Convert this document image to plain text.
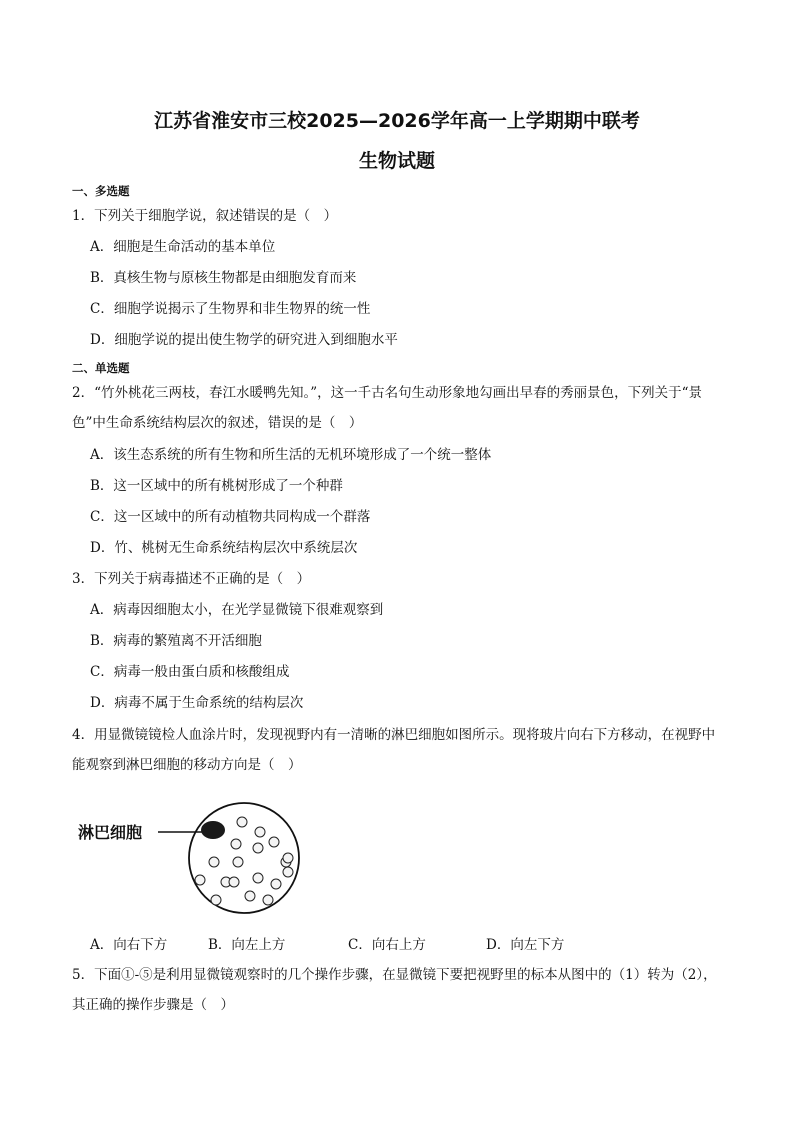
江苏省淮安市三校2025—2026学年高一上学期期中联考
生物试题
一、多选题
1．下列关于细胞学说，叙述错误的是（　）
A．细胞是生命活动的基本单位
B．真核生物与原核生物都是由细胞发育而来
C．细胞学说揭示了生物界和非生物界的统一性
D．细胞学说的提出使生物学的研究进入到细胞水平
二、单选题
2．“竹外桃花三两枝，春江水暖鸭先知。”，这一千古名句生动形象地勾画出早春的秀丽景色，下列关于“景色”中生命系统结构层次的叙述，错误的是（　）
A．该生态系统的所有生物和所生活的无机环境形成了一个统一整体
B．这一区域中的所有桃树形成了一个种群
C．这一区域中的所有动植物共同构成一个群落
D．竹、桃树无生命系统结构层次中系统层次
3．下列关于病毒描述不正确的是（　）
A．病毒因细胞太小，在光学显微镜下很难观察到
B．病毒的繁殖离不开活细胞
C．病毒一般由蛋白质和核酸组成
D．病毒不属于生命系统的结构层次
4．用显微镜镜检人血涂片时，发现视野内有一清晰的淋巴细胞如图所示。现将玻片向右下方移动，在视野中能观察到淋巴细胞的移动方向是（　）
淋巴细胞
A．向右下方	B．向左上方	C．向右上方	D．向左下方
5．下面①-⑤是利用显微镜观察时的几个操作步骤，在显微镜下要把视野里的标本从图中的（1）转为（2），其正确的操作步骤是（　）
